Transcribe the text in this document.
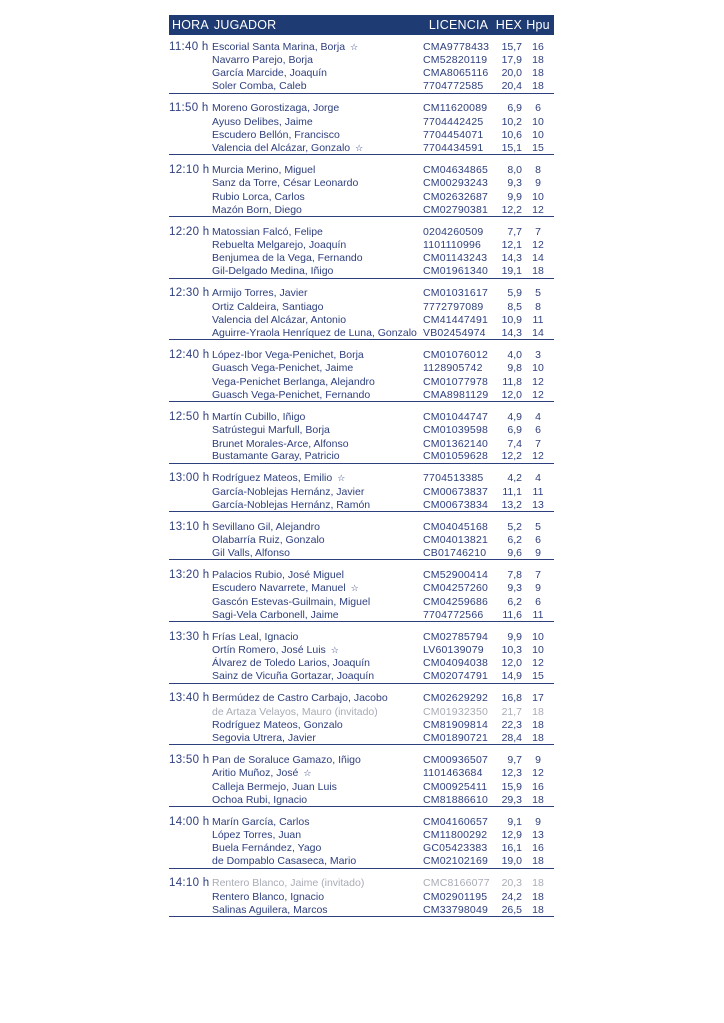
HORA JUGADOR	LICENCIA HEX Hpu
11:40 h Escorial Santa Marina, Borja ☆	CMA9778433	15,7 16
Navarro Parejo, Borja	CM52820119	17,9 18
García Marcide, Joaquín	CMA8065116	20,0 18
Soler Comba, Caleb	7704772585	20,4 18
11:50 h Moreno Gorostizaga, Jorge	CM11620089	6,9	6
Ayuso Delibes, Jaime	7704442425	10,2 10
Escudero Bellón, Francisco	7704454071	10,6 10
Valencia del Alcázar, Gonzalo ☆	7704434591	15,1 15
12:10 h Murcia Merino, Miguel	CM04634865	8,0	8
Sanz da Torre, César Leonardo	CM00293243	9,3	9
Rubio Lorca, Carlos	CM02632687	9,9 10
Mazón Born, Diego	CM02790381	12,2 12
12:20 h Matossian Falcó, Felipe	0204260509	7,7	7
Rebuelta Melgarejo, Joaquín	1101110996	12,1 12
Benjumea de la Vega, Fernando	CM01143243	14,3 14
Gil-Delgado Medina, Iñigo	CM01961340	19,1 18
12:30 h Armijo Torres, Javier	CM01031617	5,9	5
Ortiz Caldeira, Santiago	7772797089	8,5	8
Valencia del Alcázar, Antonio	CM41447491	10,9	11
Aguirre-Yraola Henríquez de Luna, Gonzalo VB02454974	14,3 14
12:40 h López-Ibor Vega-Penichet, Borja	CM01076012	4,0	3
Guasch Vega-Penichet, Jaime	1128905742	9,8 10
Vega-Penichet Berlanga, Alejandro	CM01077978	11,8 12
Guasch Vega-Penichet, Fernando	CMA8981129	12,0 12
12:50 h Martín Cubillo, Iñigo	CM01044747	4,9	4
Satrústegui Marfull, Borja	CM01039598	6,9	6
Brunet Morales-Arce, Alfonso	CM01362140	7,4	7
Bustamante Garay, Patricio	CM01059628	12,2 12
13:00 h Rodríguez Mateos, Emilio ☆	7704513385	4,2	4
García-Noblejas Hernánz, Javier	CM00673837	11,1	11
García-Noblejas Hernánz, Ramón	CM00673834	13,2 13
13:10 h Sevillano Gil, Alejandro	CM04045168	5,2	5
Olabarría Ruiz, Gonzalo	CM04013821	6,2	6
Gil Valls, Alfonso	CB01746210	9,6	9
13:20 h Palacios Rubio, José Miguel	CM52900414	7,8	7
Escudero Navarrete, Manuel ☆	CM04257260	9,3	9
Gascón Estevas-Guilmain, Miguel	CM04259686	6,2	6
Sagi-Vela Carbonell, Jaime	7704772566	11,6	11
13:30 h Frías Leal, Ignacio	CM02785794	9,9 10
Ortín Romero, José Luis ☆	LV60139079	10,3 10
Álvarez de Toledo Larios, Joaquín	CM04094038	12,0 12
Sainz de Vicuña Gortazar, Joaquín	CM02074791	14,9 15
13:40 h Bermúdez de Castro Carbajo, Jacobo	CM02629292	16,8 17
de Artaza Velayos, Mauro (invitado)	CM01932350	21,7 18
Rodríguez Mateos, Gonzalo	CM81909814	22,3 18
Segovia Utrera, Javier	CM01890721	28,4 18
13:50 h Pan de Soraluce Gamazo, Iñigo	CM00936507	9,7	9
Aritio Muñoz, José ☆	1101463684	12,3 12
Calleja Bermejo, Juan Luis	CM00925411	15,9 16
Ochoa Rubi, Ignacio	CM81886610	29,3 18
14:00 h Marín García, Carlos	CM04160657	9,1	9
López Torres, Juan	CM11800292	12,9 13
Buela Fernández, Yago	GC05423383	16,1 16
de Dompablo Casaseca, Mario	CM02102169	19,0 18
14:10 h Rentero Blanco, Jaime (invitado)	CMC8166077	20,3 18
Rentero Blanco, Ignacio	CM02901195	24,2 18
Salinas Aguilera, Marcos	CM33798049	26,5 18
